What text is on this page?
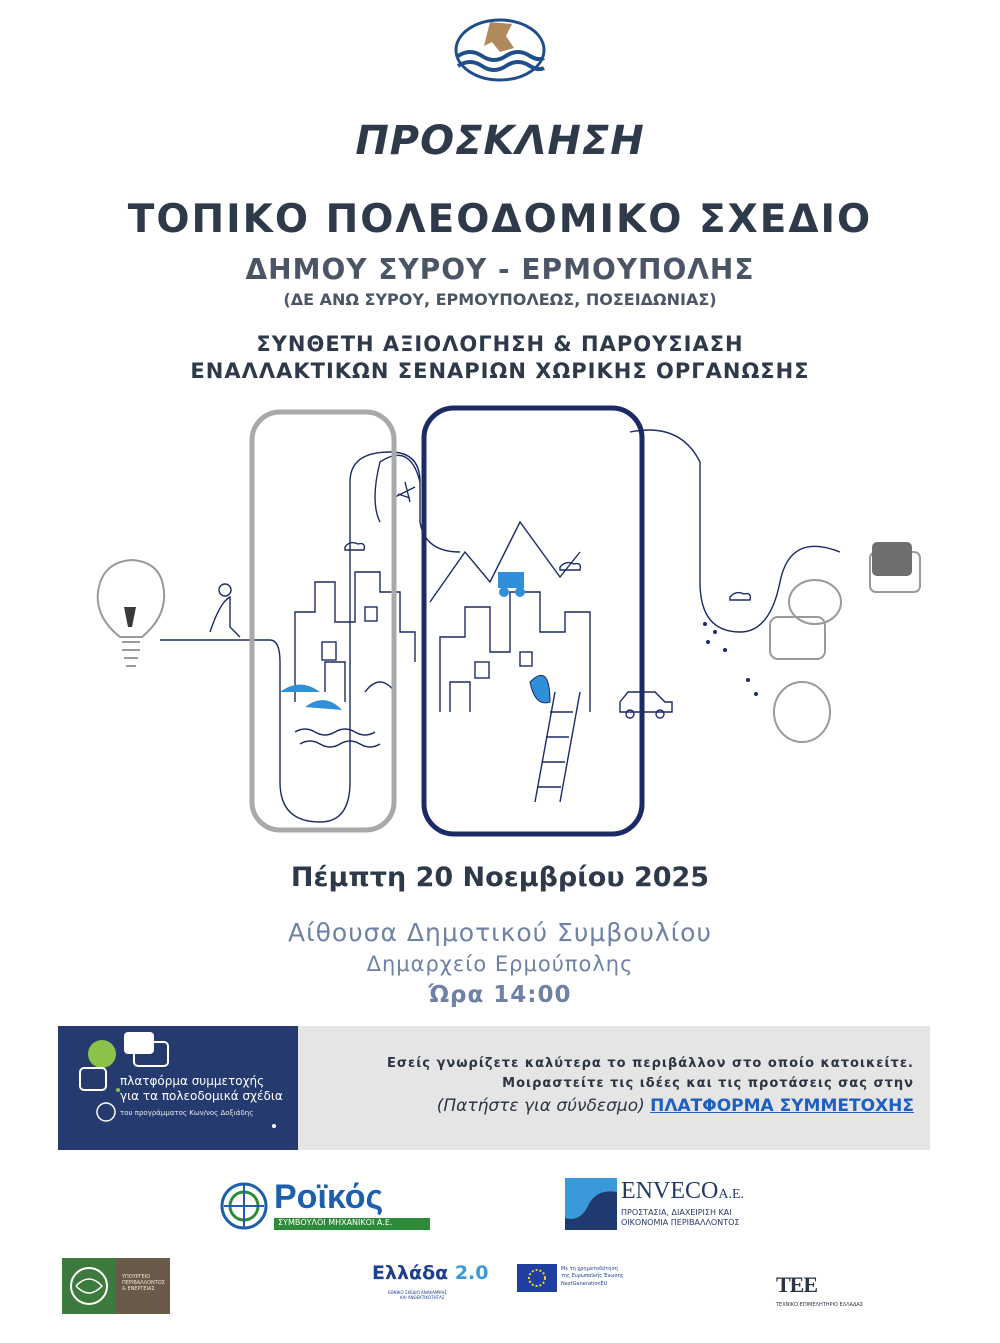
ΠΡΟΣΚΛΗΣΗ
ΤΟΠΙΚΟ ΠΟΛΕΟΔΟΜΙΚΟ ΣΧΕΔΙΟ
ΔΗΜΟΥ ΣΥΡΟΥ - ΕΡΜΟΥΠΟΛΗΣ
(ΔΕ ΑΝΩ ΣΥΡΟΥ, ΕΡΜΟΥΠΟΛΕΩΣ, ΠΟΣΕΙΔΩΝΙΑΣ)
ΣΥΝΘΕΤΗ ΑΞΙΟΛΟΓΗΣΗ & ΠΑΡΟΥΣΙΑΣΗ
ΕΝΑΛΛΑΚΤΙΚΩΝ ΣΕΝΑΡΙΩΝ ΧΩΡΙΚΗΣ ΟΡΓΑΝΩΣΗΣ
Πέμπτη 20 Νοεμβρίου 2025
Αίθουσα Δημοτικού Συμβουλίου
Δημαρχείο Ερμούπολης
Ώρα 14:00
πλατφόρμα συμμετοχής
για τα πολεοδομικά σχέδια
του προγράμματος Κων/νος Δοξιάδης
Εσείς γνωρίζετε καλύτερα το περιβάλλον στο οποίο κατοικείτε.
Μοιραστείτε τις ιδέες και τις προτάσεις σας στην
(Πατήστε για σύνδεσμο) ΠΛΑΤΦΟΡΜΑ ΣΥΜΜΕΤΟΧΗΣ
Ροϊκός
ΣΥΜΒΟΥΛΟΙ ΜΗΧΑΝΙΚΟΙ Α.Ε.
ENVECOΑ.Ε.
ΠΡΟΣΤΑΣΙΑ, ΔΙΑΧΕΙΡΙΣΗ ΚΑΙ
ΟΙΚΟΝΟΜΙΑ ΠΕΡΙΒΑΛΛΟΝΤΟΣ
ΥΠΟΥΡΓΕΙΟ
ΠΕΡΙΒΑΛΛΟΝΤΟΣ
& ΕΝΕΡΓΕΙΑΣ
Ελλάδα 2.0
ΕΘΝΙΚΟ ΣΧΕΔΙΟ ΑΝΑΚΑΜΨΗΣ
ΚΑΙ ΑΝΘΕΚΤΙΚΟΤΗΤΑΣ
Με τη χρηματοδότηση
της Ευρωπαϊκής Ένωσης
NextGenerationEU	ΤΕΕ
ΤΕΧΝΙΚΟ ΕΠΙΜΕΛΗΤΗΡΙΟ ΕΛΛΑΔΑΣ
